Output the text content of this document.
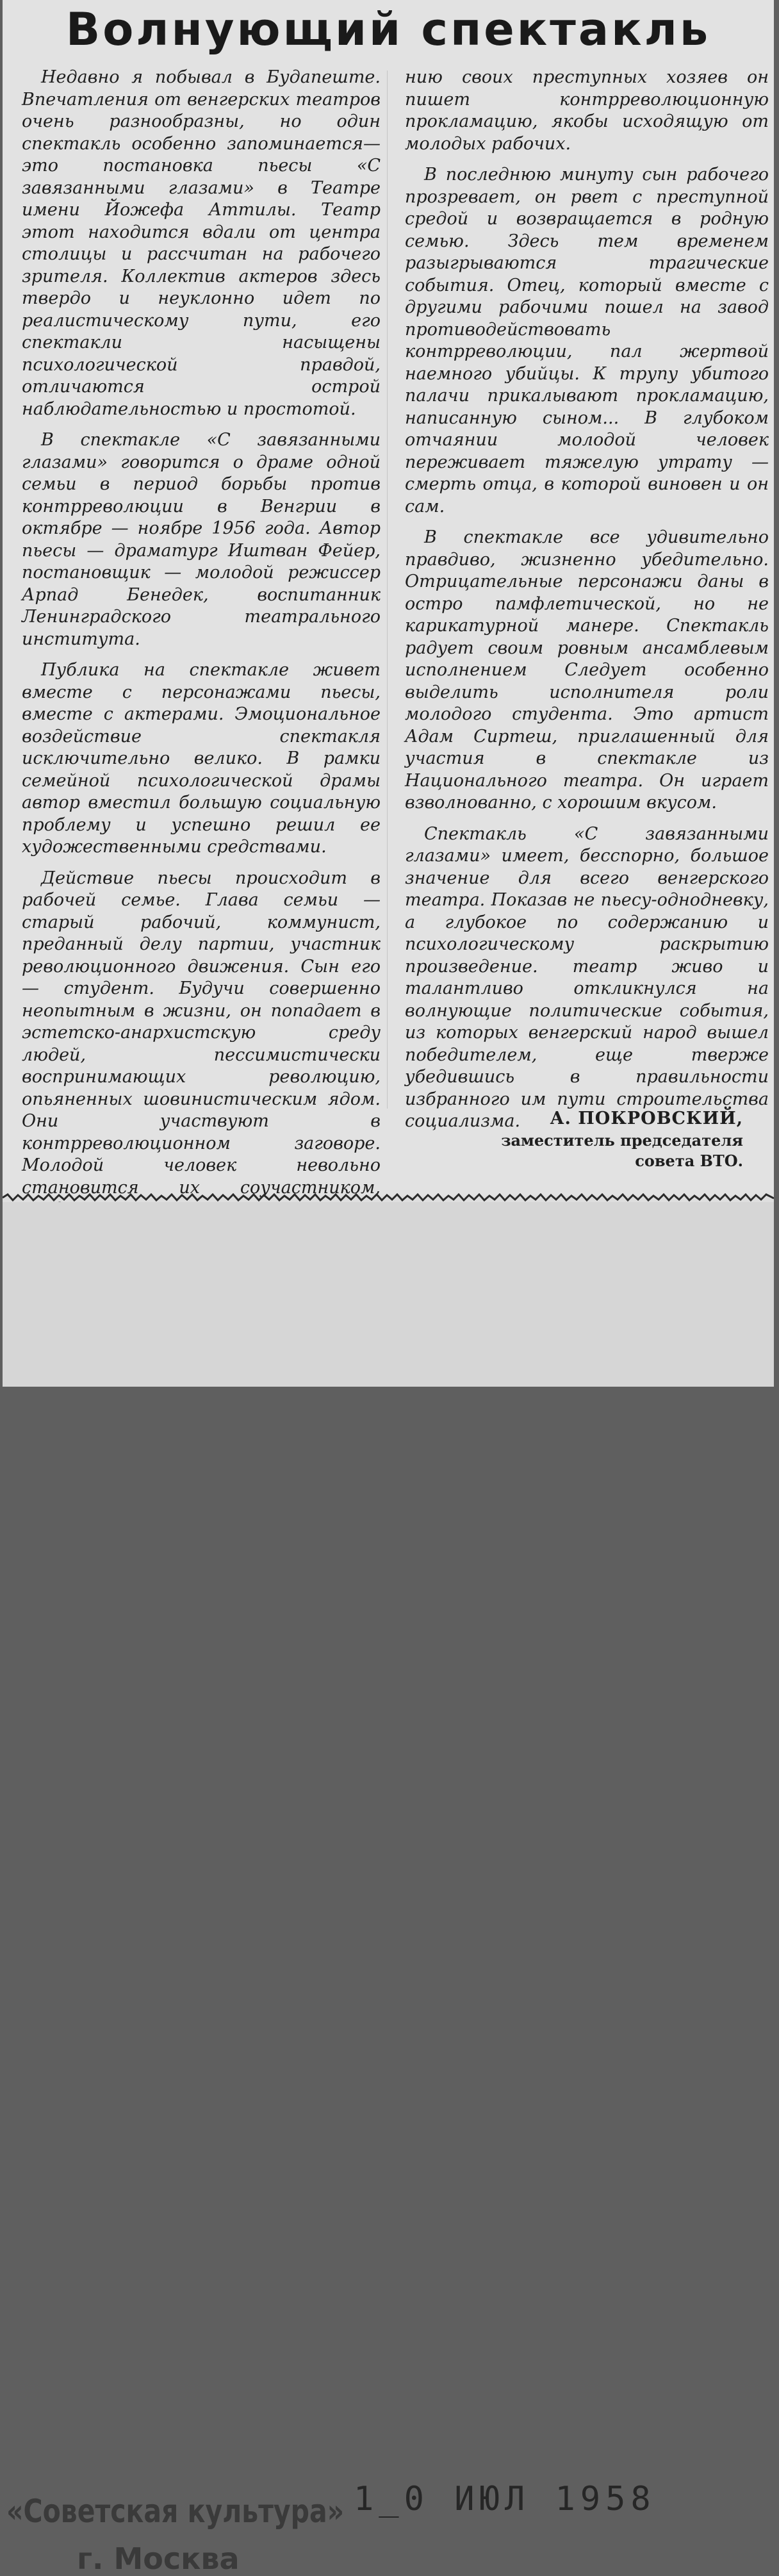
Волнующий спектакль

Недавно я побывал в Будапеште. Впечатления от венгерских театров очень разнообразны, но один спектакль особенно запоминается— это постановка пьесы «С завязанными глазами» в Театре имени Йожефа Аттилы. Театр этот находится вдали от центра столицы и рассчитан на рабочего зрителя. Коллектив актеров здесь твердо и неуклонно идет по реалистическому пути, его спектакли насыщены психологической правдой, отличаются острой наблюдательностью и простотой.

В спектакле «С завязанными глазами» говорится о драме одной семьи в период борьбы против контрреволюции в Венгрии в октябре — ноябре 1956 года. Автор пьесы — драматург Иштван Фейер, постановщик — молодой режиссер Арпад Бенедек, воспитанник Ленинградского театрального института.

Публика на спектакле живет вместе с персонажами пьесы, вместе с актерами. Эмоциональное воздействие спектакля исключительно велико. В рамки семейной психологической драмы автор вместил большую социальную проблему и успешно решил ее художественными средствами.

Действие пьесы происходит в рабочей семье. Глава семьи — старый рабочий, коммунист, преданный делу партии, участник революционного движения. Сын его — студент. Будучи совершенно неопытным в жизни, он попадает в эстетско-анархистскую среду людей, пессимистически воспринимающих революцию, опьяненных шовинистическим ядом. Они участвуют в контрреволюционном заговоре. Молодой человек невольно становится их соучастником,

нию своих преступных хозяев он пишет контрреволюционную прокламацию, якобы исходящую от молодых рабочих.

В последнюю минуту сын рабочего прозревает, он рвет с преступной средой и возвращается в родную семью. Здесь тем временем разыгрываются трагические события. Отец, который вместе с другими рабочими пошел на завод противодействовать контрреволюции, пал жертвой наемного убийцы. К трупу убитого палачи прикалывают прокламацию, написанную сыном... В глубоком отчаянии молодой человек переживает тяжелую утрату — смерть отца, в которой виновен и он сам.

В спектакле все удивительно правдиво, жизненно убедительно. Отрицательные персонажи даны в остро памфлетической, но не карикатурной манере. Спектакль радует своим ровным ансамблевым исполнением Следует особенно выделить исполнителя роли молодого студента. Это артист Адам Сиртеш, приглашенный для участия в спектакле из Национального театра. Он играет взволнованно, с хорошим вкусом.

Спектакль «С завязанными глазами» имеет, бесспорно, большое значение для всего венгерского театра. Показав не пьесу-однодневку, а глубокое по содержанию и психологическому раскрытию произведение. театр живо и талантливо откликнулся на волнующие политические события, из которых венгерский народ вышел победителем, еще тверже убедившись в правильности избранного им пути строительства социализма.	А. ПОКРОВСКИЙ,
заместитель председателя
совета ВТО.
«Советская культура» 1_0 ИЮЛ 1958
г. Москва
